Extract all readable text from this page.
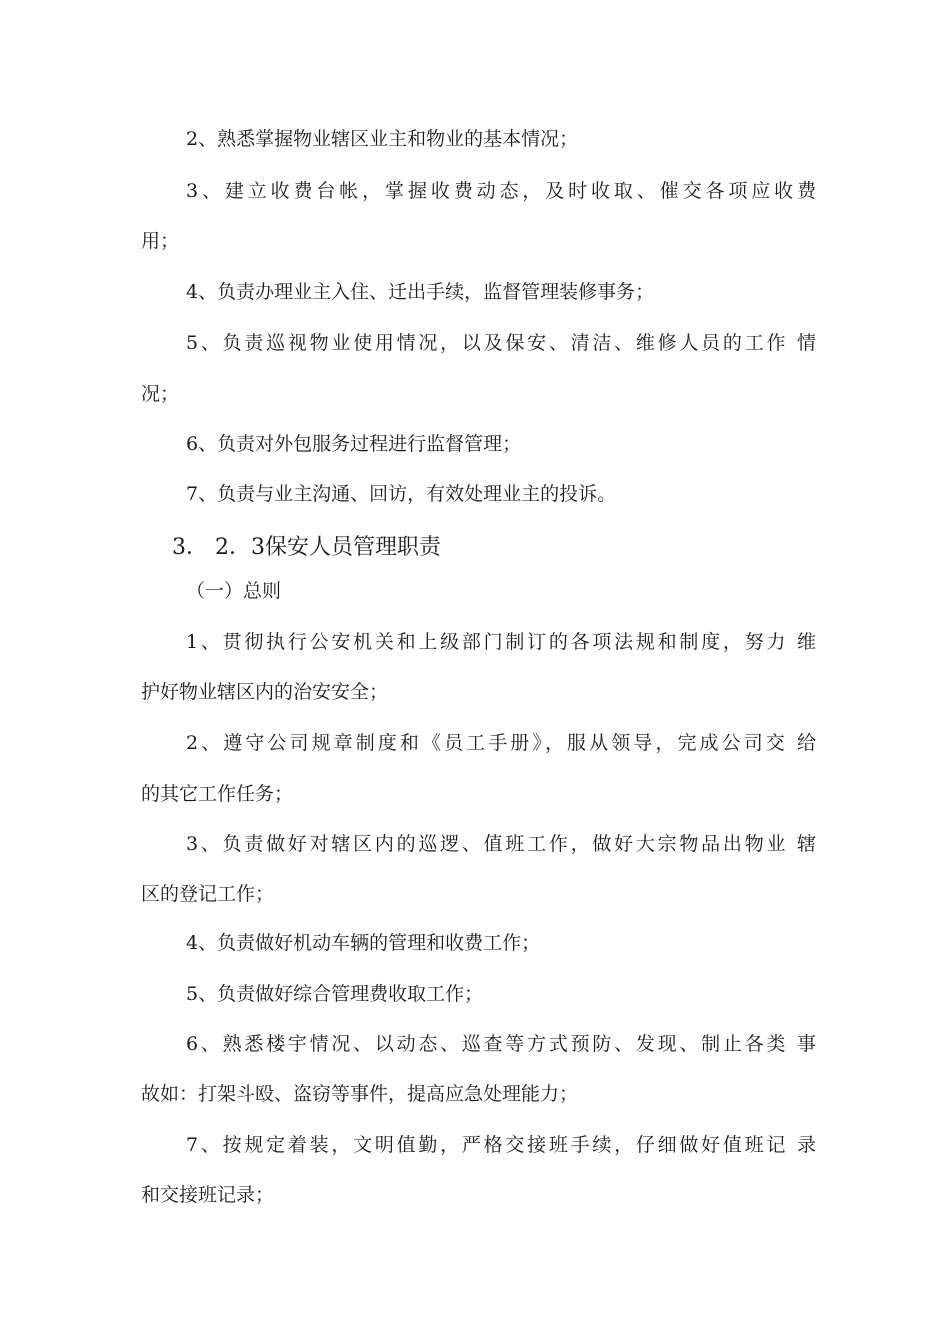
2、熟悉掌握物业辖区业主和物业的基本情况；
3、建立收费台帐，掌握收费动态，及时收取、催交各项应收费
用；
4、负责办理业主入住、迁出手续，监督管理装修事务；
5、负责巡视物业使用情况，以及保安、清洁、维修人员的工作 情
况；
6、负责对外包服务过程进行监督管理；
7、负责与业主沟通、回访，有效处理业主的投诉。
3． 2．3保安人员管理职责
（一）总则
1、贯彻执行公安机关和上级部门制订的各项法规和制度，努力 维
护好物业辖区内的治安安全；
2、遵守公司规章制度和《员工手册》，服从领导，完成公司交 给
的其它工作任务；
3、负责做好对辖区内的巡逻、值班工作，做好大宗物品出物业 辖
区的登记工作；
4、负责做好机动车辆的管理和收费工作；
5、负责做好综合管理费收取工作；
6、熟悉楼宇情况、以动态、巡查等方式预防、发现、制止各类 事
故如：打架斗殴、盗窃等事件，提高应急处理能力；
7、按规定着装，文明值勤，严格交接班手续，仔细做好值班记 录
和交接班记录；
